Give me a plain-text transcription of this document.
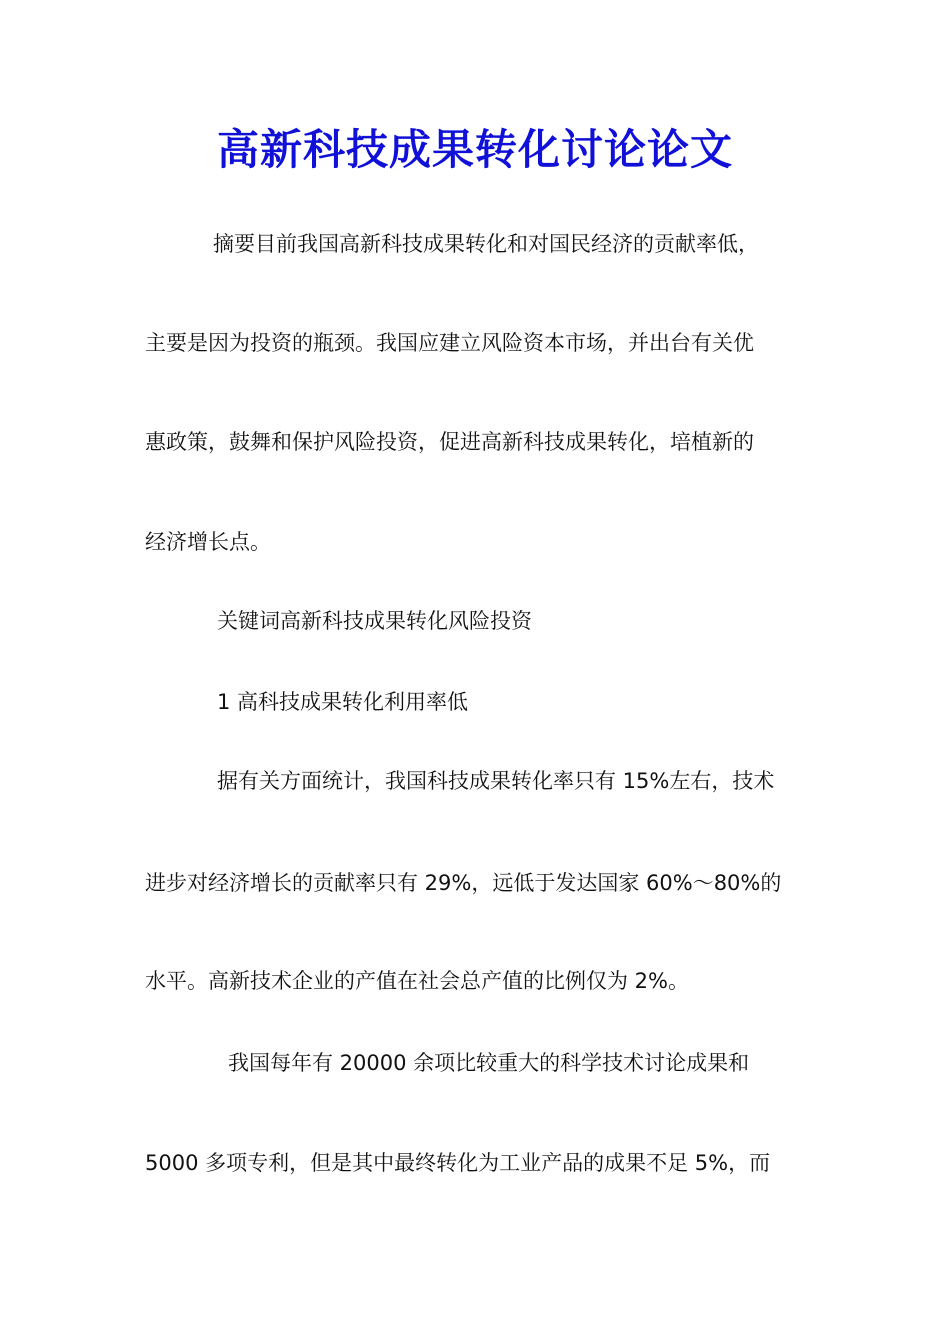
高新科技成果转化讨论论文
摘要目前我国高新科技成果转化和对国民经济的贡献率低，
主要是因为投资的瓶颈。我国应建立风险资本市场，并出台有关优
惠政策，鼓舞和保护风险投资，促进高新科技成果转化，培植新的
经济增长点。
关键词高新科技成果转化风险投资
1 高科技成果转化利用率低
据有关方面统计，我国科技成果转化率只有 15%左右，技术
进步对经济增长的贡献率只有 29%，远低于发达国家 60%～80%的
水平。高新技术企业的产值在社会总产值的比例仅为 2%。
我国每年有 20000 余项比较重大的科学技术讨论成果和
5000 多项专利，但是其中最终转化为工业产品的成果不足 5%，而
